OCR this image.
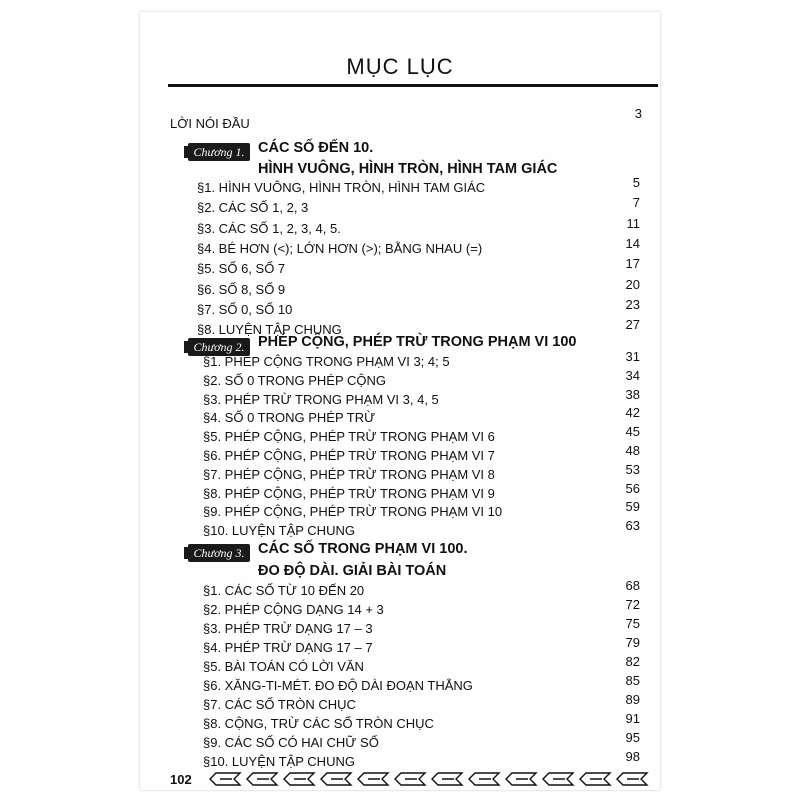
MỤC LỤC
LỜI NÓI ĐẦU
3
Chương 1. CÁC SỐ ĐẾN 10.
HÌNH VUÔNG, HÌNH TRÒN, HÌNH TAM GIÁC
§1. HÌNH VUÔNG, HÌNH TRÒN, HÌNH TAM GIÁC	5
§2. CÁC SỐ 1, 2, 3	7
§3. CÁC SỐ 1, 2, 3, 4, 5.	11
§4. BÉ HƠN (<); LỚN HƠN (>); BẰNG NHAU (=)	14
§5. SỐ 6, SỐ 7	17
§6. SỐ 8, SỐ 9	20
§7. SỐ 0, SỐ 10	23
§8. LUYỆN TẬP CHUNG	27
Chương 2. PHÉP CỘNG, PHÉP TRỪ TRONG PHẠM VI 100
§1. PHÉP CỘNG TRONG PHẠM VI 3; 4; 5	31
§2. SỐ 0 TRONG PHÉP CỘNG	34
§3. PHÉP TRỪ TRONG PHẠM VI 3, 4, 5	38
§4. SỐ 0 TRONG PHÉP TRỪ	42
§5. PHÉP CỘNG, PHÉP TRỪ TRONG PHẠM VI 6	45
§6. PHÉP CỘNG, PHÉP TRỪ TRONG PHẠM VI 7	48
§7. PHÉP CỘNG, PHÉP TRỪ TRONG PHẠM VI 8	53
§8. PHÉP CỘNG, PHÉP TRỪ TRONG PHẠM VI 9	56
§9. PHÉP CỘNG, PHÉP TRỪ TRONG PHẠM VI 10	59
§10. LUYỆN TẬP CHUNG	63
Chương 3. CÁC SỐ TRONG PHẠM VI 100.
ĐO ĐỘ DÀI. GIẢI BÀI TOÁN
§1. CÁC SỐ TỪ 10 ĐẾN 20	68
§2. PHÉP CỘNG DẠNG 14 + 3	72
§3. PHÉP TRỪ DẠNG 17 – 3	75
§4. PHÉP TRỪ DẠNG 17 – 7	79
§5. BÀI TOÁN CÓ LỜI VĂN	82
§6. XĂNG-TI-MÉT. ĐO ĐỘ DÀI ĐOẠN THẲNG	85
§7. CÁC SỐ TRÒN CHỤC	89
§8. CỘNG, TRỪ CÁC SỐ TRÒN CHỤC	91
§9. CÁC SỐ CÓ HAI CHỮ SỐ	95
§10. LUYỆN TẬP CHUNG	98
102
